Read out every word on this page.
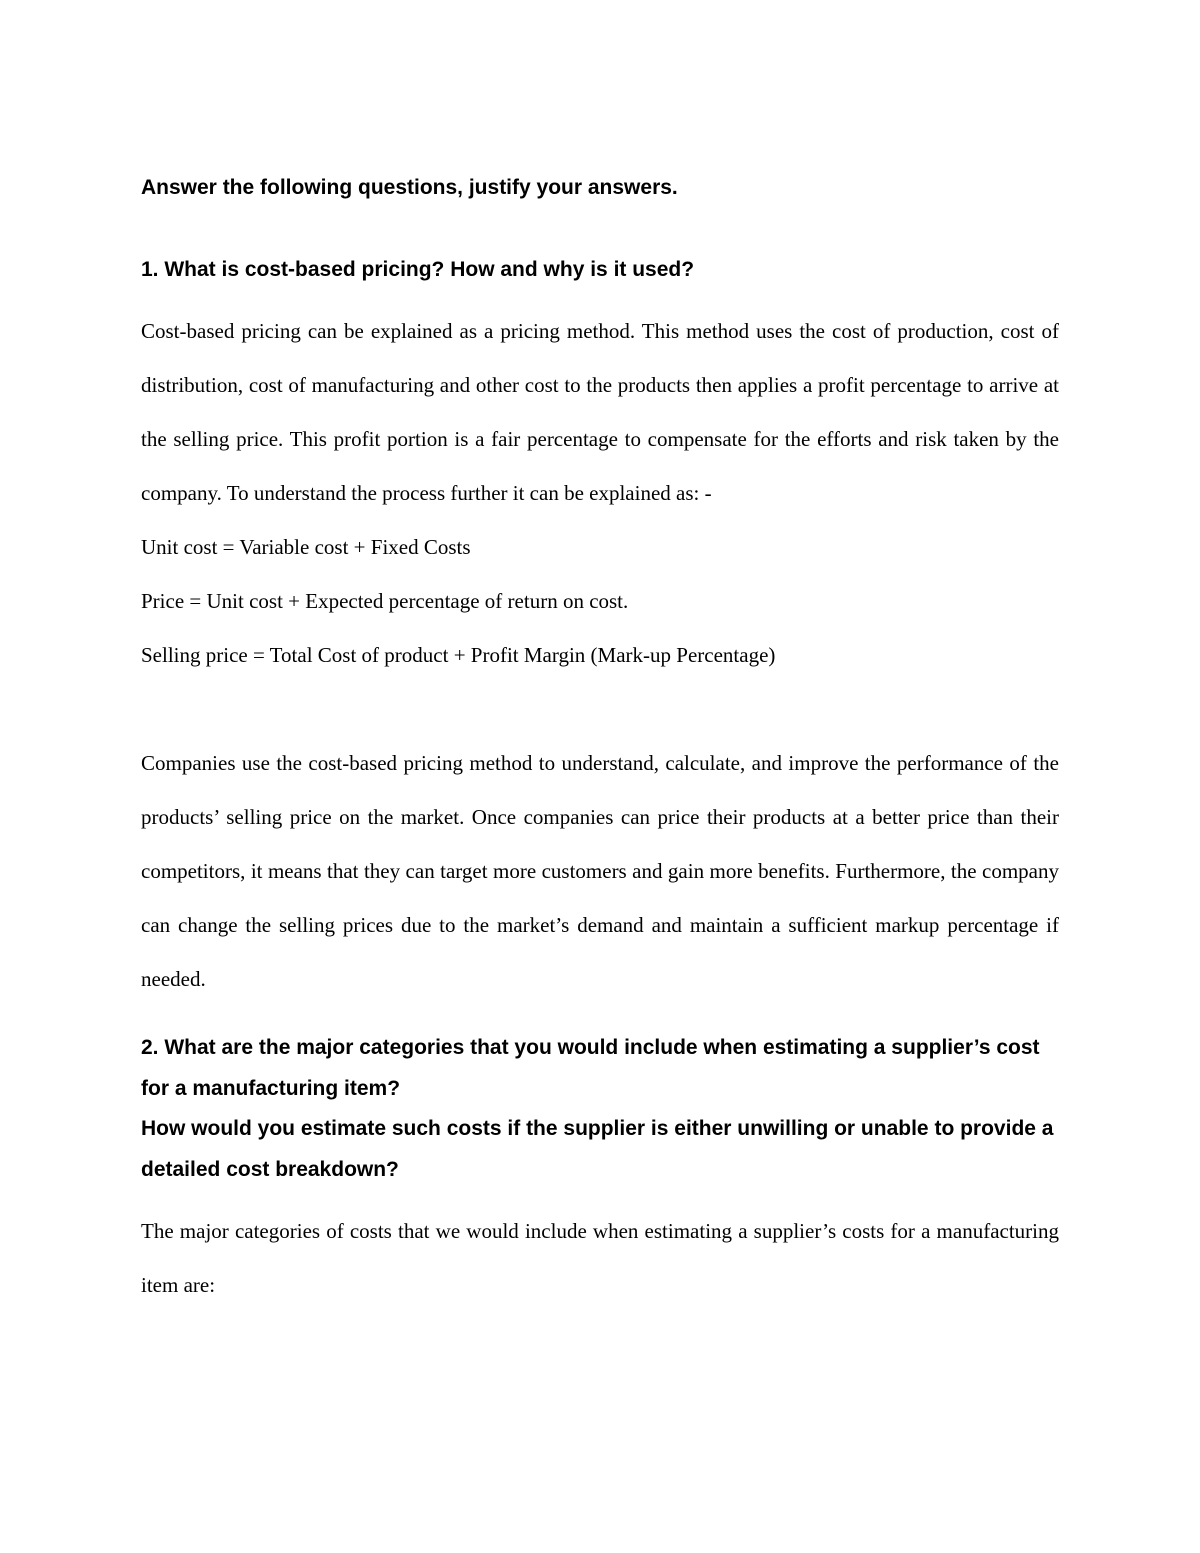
Answer the following questions, justify your answers.

1. What is cost-based pricing? How and why is it used?

Cost-based pricing can be explained as a pricing method. This method uses the cost of production, cost of distribution, cost of manufacturing and other cost to the products then applies a profit percentage to arrive at the selling price. This profit portion is a fair percentage to compensate for the efforts and risk taken by the company. To understand the process further it can be explained as: -

Unit cost = Variable cost + Fixed Costs

Price = Unit cost + Expected percentage of return on cost.

Selling price = Total Cost of product + Profit Margin (Mark-up Percentage)

Companies use the cost-based pricing method to understand, calculate, and improve the performance of the products’ selling price on the market. Once companies can price their products at a better price than their competitors, it means that they can target more customers and gain more benefits. Furthermore, the company can change the selling prices due to the market’s demand and maintain a sufficient markup percentage if needed.

2. What are the major categories that you would include when estimating a supplier’s cost for a manufacturing item?

How would you estimate such costs if the supplier is either unwilling or unable to provide a detailed cost breakdown?

The major categories of costs that we would include when estimating a supplier’s costs for a manufacturing item are:
